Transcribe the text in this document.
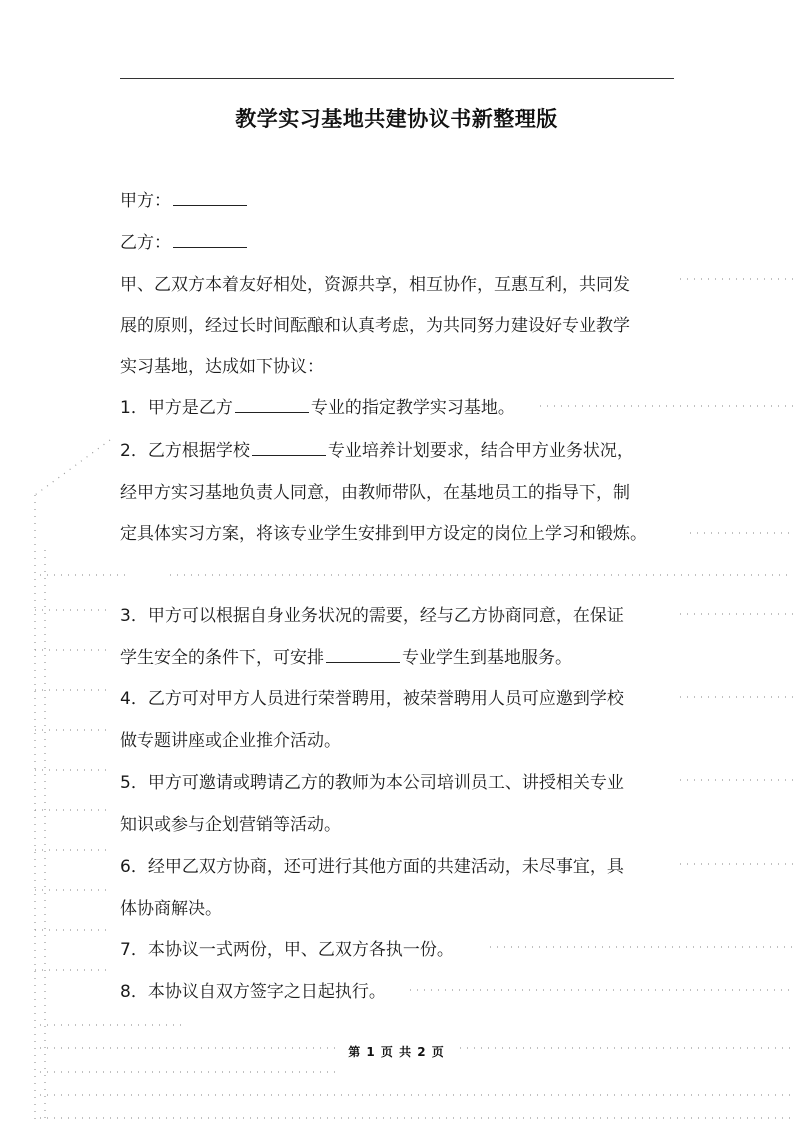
教学实习基地共建协议书新整理版
甲方：
乙方：
甲、乙双方本着友好相处，资源共享，相互协作，互惠互利，共同发
展的原则，经过长时间酝酿和认真考虑，为共同努力建设好专业教学
实习基地，达成如下协议：
1．甲方是乙方	专业的指定教学实习基地。
2．乙方根据学校	专业培养计划要求，结合甲方业务状况，
经甲方实习基地负责人同意，由教师带队，在基地员工的指导下，制
定具体实习方案，将该专业学生安排到甲方设定的岗位上学习和锻炼。
3．甲方可以根据自身业务状况的需要，经与乙方协商同意，在保证
学生安全的条件下，可安排	专业学生到基地服务。
4．乙方可对甲方人员进行荣誉聘用，被荣誉聘用人员可应邀到学校
做专题讲座或企业推介活动。
5．甲方可邀请或聘请乙方的教师为本公司培训员工、讲授相关专业
知识或参与企划营销等活动。
6．经甲乙双方协商，还可进行其他方面的共建活动，未尽事宜，具
体协商解决。
7．本协议一式两份，甲、乙双方各执一份。
8．本协议自双方签字之日起执行。
第 1 页 共 2 页
